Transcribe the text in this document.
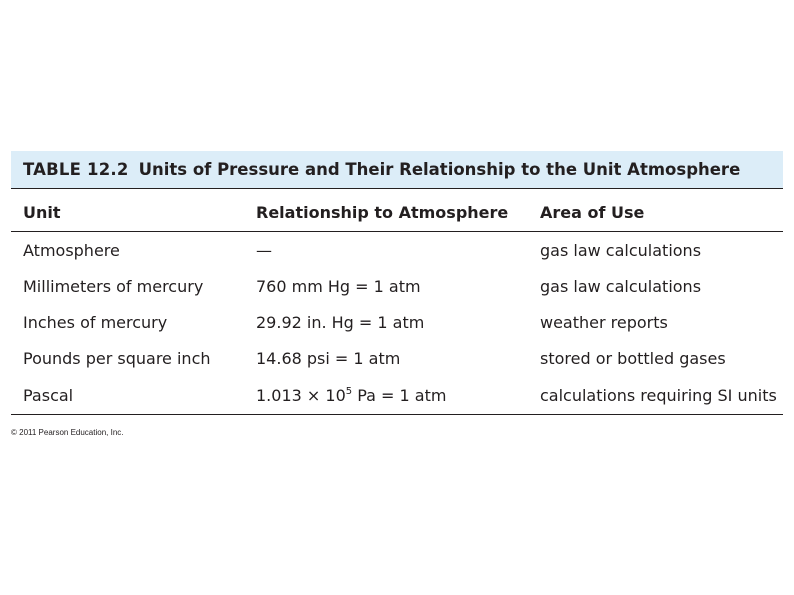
TABLE 12.2 Units of Pressure and Their Relationship to the Unit Atmosphere
Unit	Relationship to Atmosphere	Area of Use
Atmosphere	—	gas law calculations
Millimeters of mercury	760 mm Hg = 1 atm	gas law calculations
Inches of mercury	29.92 in. Hg = 1 atm	weather reports
Pounds per square inch	14.68 psi = 1 atm	stored or bottled gases
Pascal	$1.013 \times 10^5$ Pa = 1 atm	calculations requiring SI units
© 2011 Pearson Education, Inc.
